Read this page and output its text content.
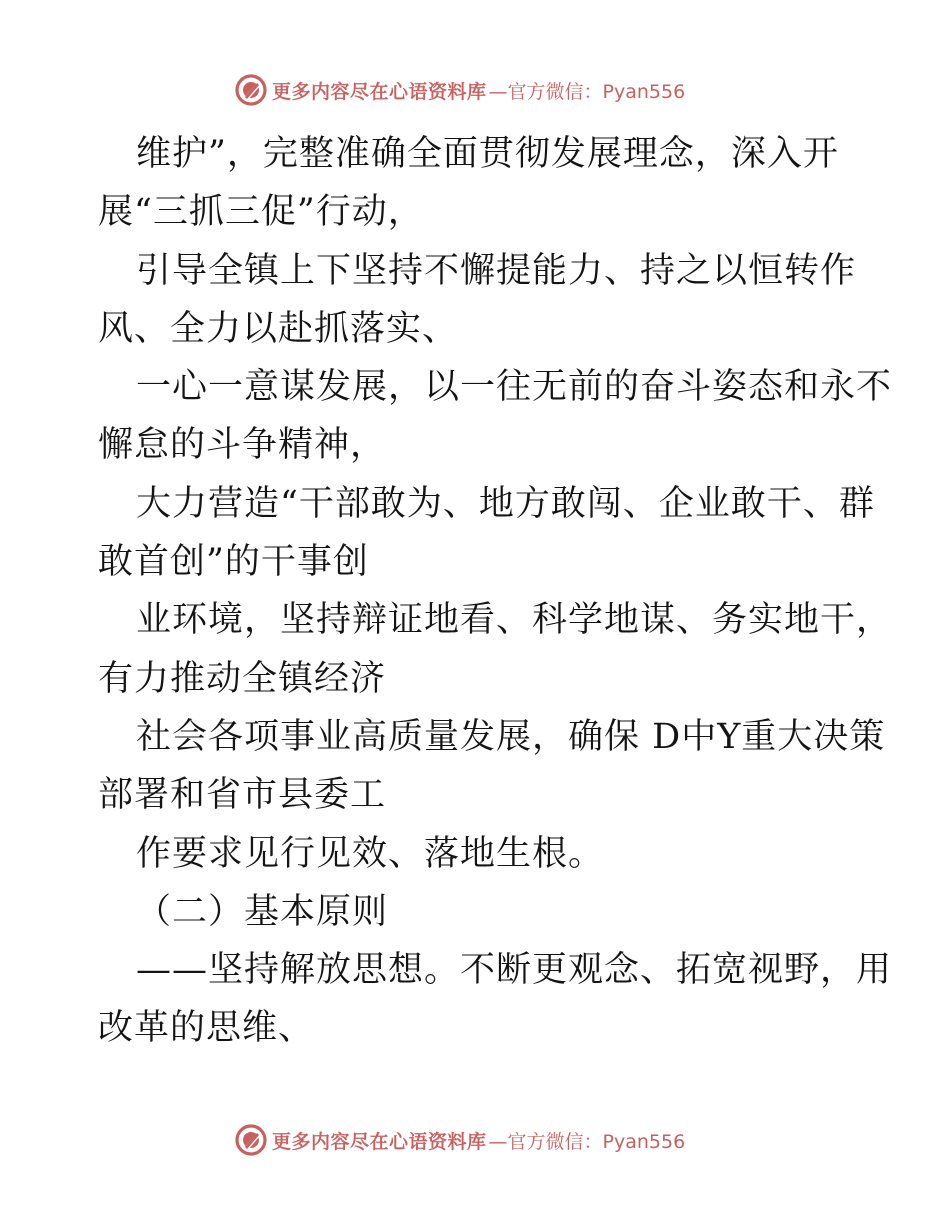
更多内容尽在心语资料库 —官方微信：Pyan556
维护”，完整准确全面贯彻发展理念，深入开
展“三抓三促”行动，
引导全镇上下坚持不懈提能力、持之以恒转作
风、全力以赴抓落实、
一心一意谋发展，以一往无前的奋斗姿态和永不
懈怠的斗争精神，
大力营造“干部敢为、地方敢闯、企业敢干、群
敢首创”的干事创
业环境，坚持辩证地看、科学地谋、务实地干，
有力推动全镇经济
社会各项事业高质量发展，确保 D中Y重大决策
部署和省市县委工
作要求见行见效、落地生根。
（二）基本原则
——坚持解放思想。不断更观念、拓宽视野，用
改革的思维、
更多内容尽在心语资料库 —官方微信：Pyan556
